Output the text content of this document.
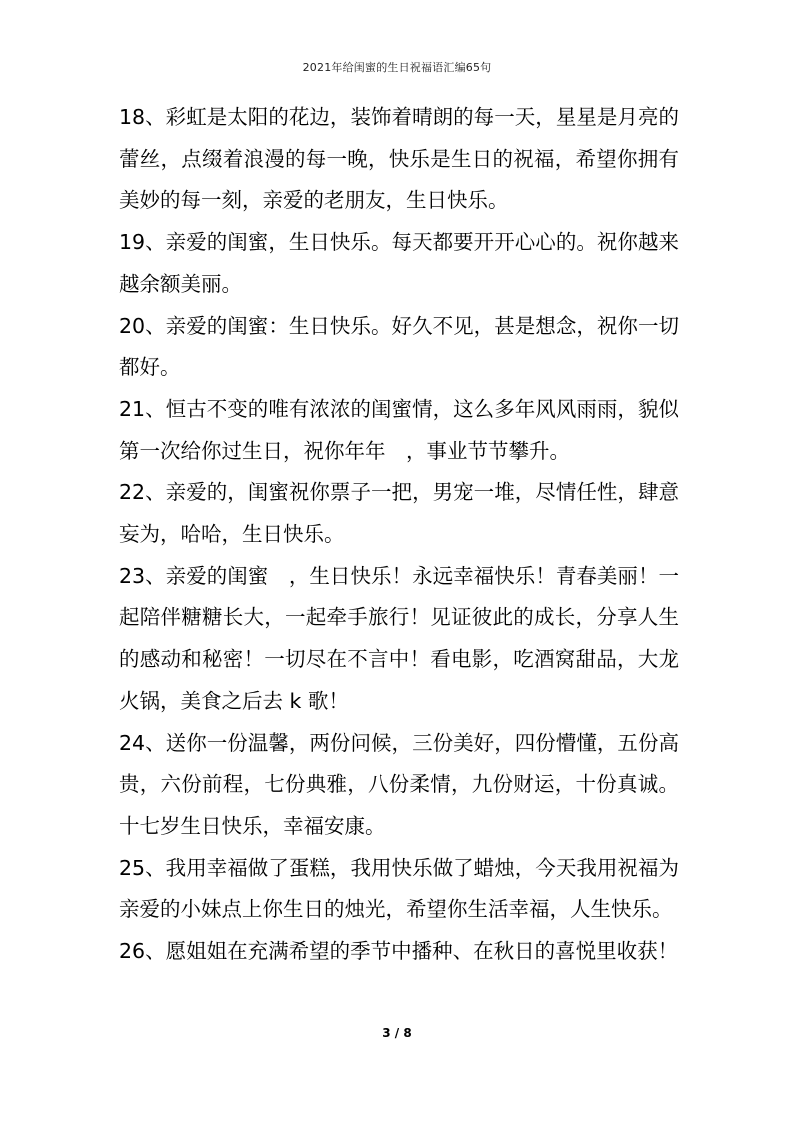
2021年给闺蜜的生日祝福语汇编65句

18、彩虹是太阳的花边，装饰着晴朗的每一天，星星是月亮的蕾丝，点缀着浪漫的每一晚，快乐是生日的祝福，希望你拥有美妙的每一刻，亲爱的老朋友，生日快乐。

19、亲爱的闺蜜，生日快乐。每天都要开开心心的。祝你越来越余额美丽。

20、亲爱的闺蜜：生日快乐。好久不见，甚是想念，祝你一切都好。

21、恒古不变的唯有浓浓的闺蜜情，这么多年风风雨雨，貌似第一次给你过生日，祝你年年　，事业节节攀升。

22、亲爱的，闺蜜祝你票子一把，男宠一堆，尽情任性，肆意妄为，哈哈，生日快乐。

23、亲爱的闺蜜　，生日快乐！永远幸福快乐！青春美丽！一起陪伴糖糖长大，一起牵手旅行！见证彼此的成长，分享人生的感动和秘密！一切尽在不言中！看电影，吃酒窝甜品，大龙火锅，美食之后去 k 歌！

24、送你一份温馨，两份问候，三份美好，四份懵懂，五份高贵，六份前程，七份典雅，八份柔情，九份财运，十份真诚。十七岁生日快乐，幸福安康。

25、我用幸福做了蛋糕，我用快乐做了蜡烛，今天我用祝福为亲爱的小妹点上你生日的烛光，希望你生活幸福，人生快乐。

26、愿姐姐在充满希望的季节中播种、在秋日的喜悦里收获！

3 / 8
